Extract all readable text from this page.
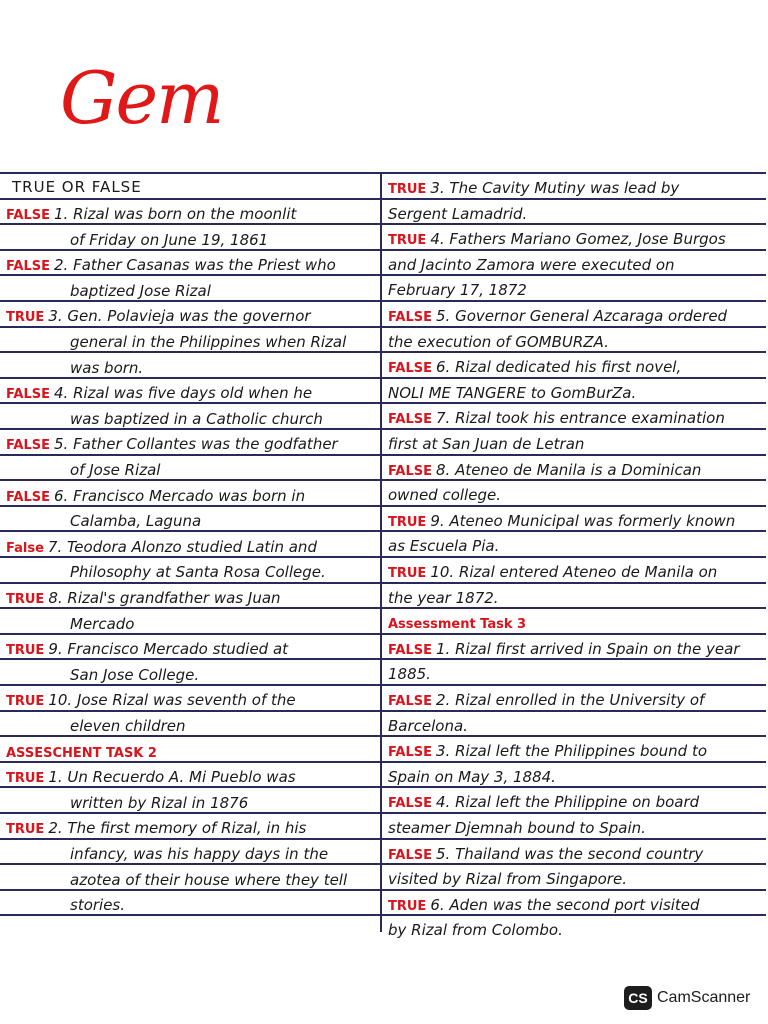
Gem
TRUE OR FALSE
FALSE 1. Rizal was born on the moonlit
of Friday on June 19, 1861
FALSE 2. Father Casanas was the Priest who
baptized Jose Rizal
TRUE 3. Gen. Polavieja was the governor
general in the Philippines when Rizal
was born.
FALSE 4. Rizal was five days old when he
was baptized in a Catholic church
FALSE 5. Father Collantes was the godfather
of Jose Rizal
FALSE 6. Francisco Mercado was born in
Calamba, Laguna
False 7. Teodora Alonzo studied Latin and
Philosophy at Santa Rosa College.
TRUE 8. Rizal's grandfather was Juan
Mercado
TRUE 9. Francisco Mercado studied at
San Jose College.
TRUE 10. Jose Rizal was seventh of the
eleven children
ASSESCHENT TASK 2
TRUE 1. Un Recuerdo A. Mi Pueblo was
written by Rizal in 1876
TRUE 2. The first memory of Rizal, in his
infancy, was his happy days in the
azotea of their house where they tell
stories.
TRUE 3. The Cavity Mutiny was lead by
Sergent Lamadrid.
TRUE 4. Fathers Mariano Gomez, Jose Burgos
and Jacinto Zamora were executed on
February 17, 1872
FALSE 5. Governor General Azcaraga ordered
the execution of GOMBURZA.
FALSE 6. Rizal dedicated his first novel,
NOLI ME TANGERE to GomBurZa.
FALSE 7. Rizal took his entrance examination
first at San Juan de Letran
FALSE 8. Ateneo de Manila is a Dominican
owned college.
TRUE 9. Ateneo Municipal was formerly known
as Escuela Pia.
TRUE 10. Rizal entered Ateneo de Manila on
the year 1872.
Assessment Task 3
FALSE 1. Rizal first arrived in Spain on the year
1885.
FALSE 2. Rizal enrolled in the University of
Barcelona.
FALSE 3. Rizal left the Philippines bound to
Spain on May 3, 1884.
FALSE 4. Rizal left the Philippine on board
steamer Djemnah bound to Spain.
FALSE 5. Thailand was the second country
visited by Rizal from Singapore.
TRUE 6. Aden was the second port visited
by Rizal from Colombo.
CS CamScanner
